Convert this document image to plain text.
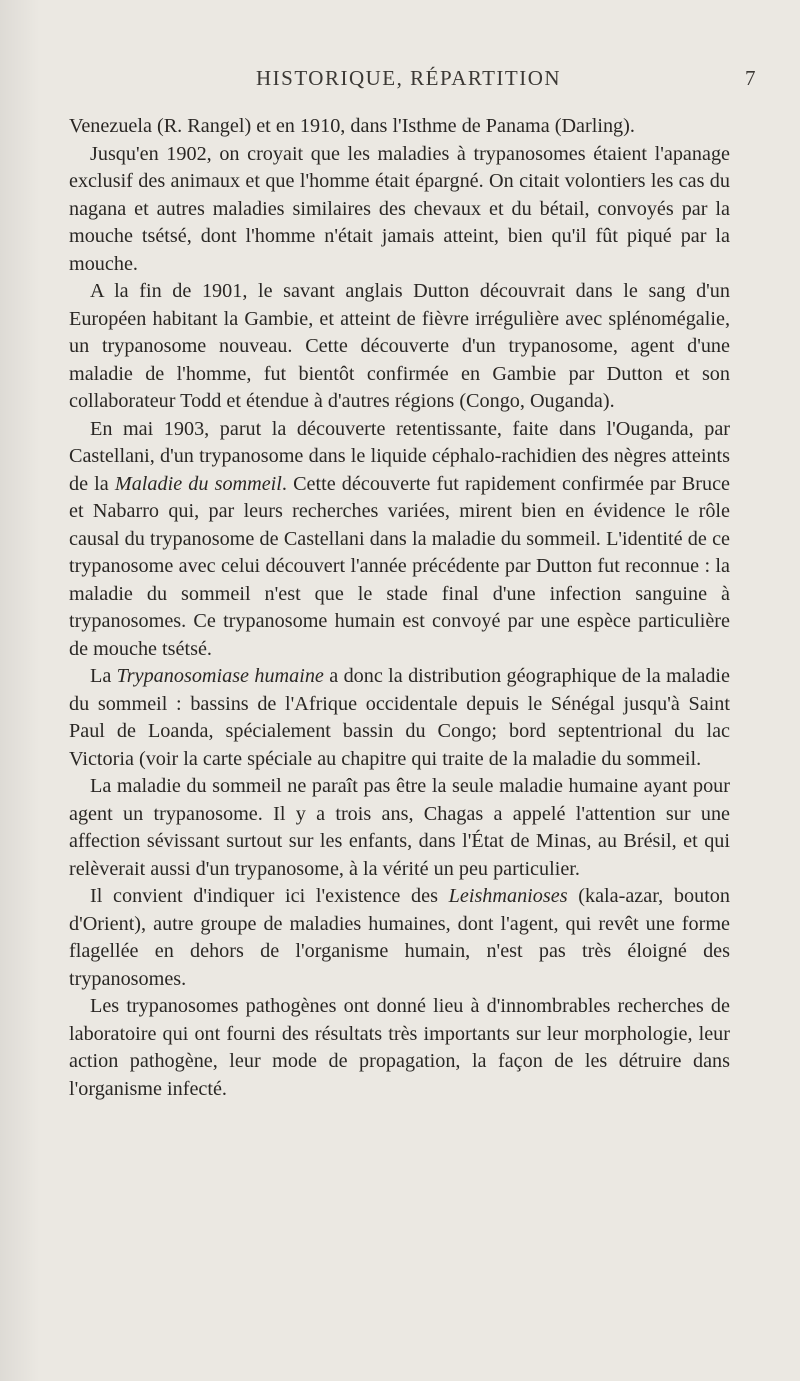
HISTORIQUE, RÉPARTITION	7

Venezuela (R. Rangel) et en 1910, dans l'Isthme de Panama (Darling).

Jusqu'en 1902, on croyait que les maladies à trypanosomes étaient l'apanage exclusif des animaux et que l'homme était épargné. On citait volontiers les cas du nagana et autres maladies similaires des chevaux et du bétail, convoyés par la mouche tsétsé, dont l'homme n'était jamais atteint, bien qu'il fût piqué par la mouche.

A la fin de 1901, le savant anglais Dutton découvrait dans le sang d'un Européen habitant la Gambie, et atteint de fièvre irrégulière avec splénomégalie, un trypanosome nouveau. Cette découverte d'un trypanosome, agent d'une maladie de l'homme, fut bientôt confirmée en Gambie par Dutton et son collaborateur Todd et étendue à d'autres régions (Congo, Ouganda).

En mai 1903, parut la découverte retentissante, faite dans l'Ouganda, par Castellani, d'un trypanosome dans le liquide céphalo-rachidien des nègres atteints de la Maladie du sommeil. Cette découverte fut rapidement confirmée par Bruce et Nabarro qui, par leurs recherches variées, mirent bien en évidence le rôle causal du trypanosome de Castellani dans la maladie du sommeil. L'identité de ce trypanosome avec celui découvert l'année précédente par Dutton fut reconnue : la maladie du sommeil n'est que le stade final d'une infection sanguine à trypanosomes. Ce trypanosome humain est convoyé par une espèce particulière de mouche tsétsé.

La Trypanosomiase humaine a donc la distribution géographique de la maladie du sommeil : bassins de l'Afrique occidentale depuis le Sénégal jusqu'à Saint Paul de Loanda, spécialement bassin du Congo; bord septentrional du lac Victoria (voir la carte spéciale au chapitre qui traite de la maladie du sommeil.

La maladie du sommeil ne paraît pas être la seule maladie humaine ayant pour agent un trypanosome. Il y a trois ans, Chagas a appelé l'attention sur une affection sévissant surtout sur les enfants, dans l'État de Minas, au Brésil, et qui relèverait aussi d'un trypanosome, à la vérité un peu particulier.

Il convient d'indiquer ici l'existence des Leishmanioses (kala-azar, bouton d'Orient), autre groupe de maladies humaines, dont l'agent, qui revêt une forme flagellée en dehors de l'organisme humain, n'est pas très éloigné des trypanosomes.

Les trypanosomes pathogènes ont donné lieu à d'innombrables recherches de laboratoire qui ont fourni des résultats très importants sur leur morphologie, leur action pathogène, leur mode de propagation, la façon de les détruire dans l'organisme infecté.
